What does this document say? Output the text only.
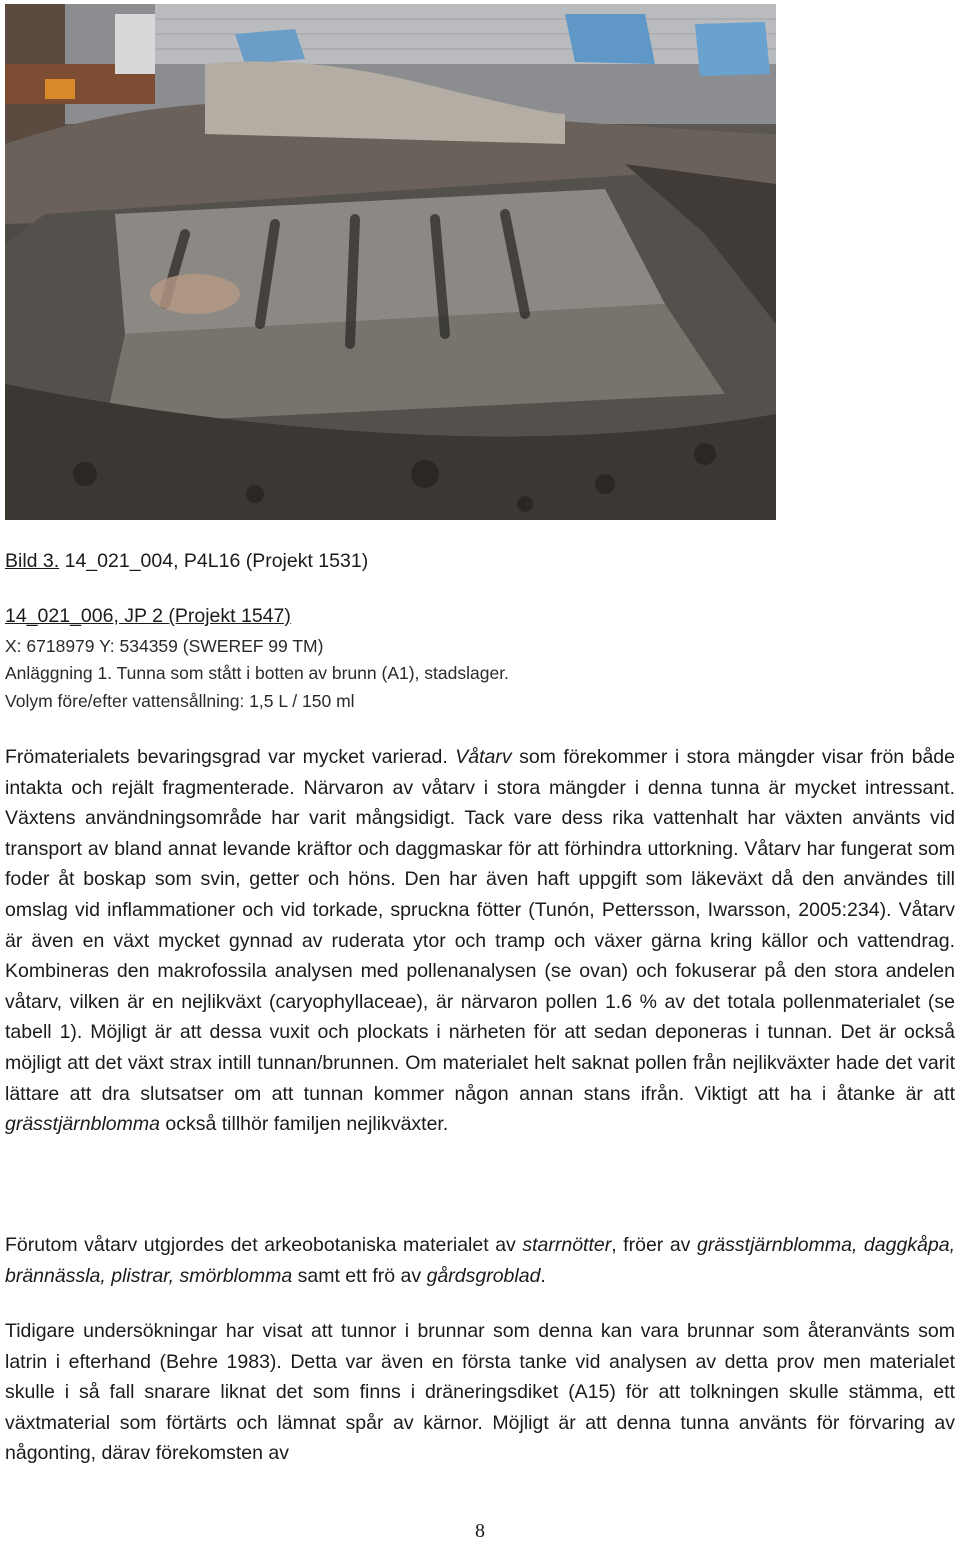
Bild 3. 14_021_004, P4L16 (Projekt 1531)
14_021_006, JP 2 (Projekt 1547)
X: 6718979 Y: 534359 (SWEREF 99 TM)
Anläggning 1. Tunna som stått i botten av brunn (A1), stadslager.
Volym före/efter vattensållning: 1,5 L / 150 ml

Frömaterialets bevaringsgrad var mycket varierad. Våtarv som förekommer i stora mängder visar frön både intakta och rejält fragmenterade. Närvaron av våtarv i stora mängder i denna tunna är mycket intressant. Växtens användningsområde har varit mångsidigt. Tack vare dess rika vattenhalt har växten använts vid transport av bland annat levande kräftor och daggmaskar för att förhindra uttorkning. Våtarv har fungerat som foder åt boskap som svin, getter och höns. Den har även haft uppgift som läkeväxt då den användes till omslag vid inflammationer och vid torkade, spruckna fötter (Tunón, Pettersson, Iwarsson, 2005:234). Våtarv är även en växt mycket gynnad av ruderata ytor och tramp och växer gärna kring källor och vattendrag. Kombineras den makrofossila analysen med pollenanalysen (se ovan) och fokuserar på den stora andelen våtarv, vilken är en nejlikväxt (caryophyllaceae), är närvaron pollen 1.6 % av det totala pollenmaterialet (se tabell 1). Möjligt är att dessa vuxit och plockats i närheten för att sedan deponeras i tunnan. Det är också möjligt att det växt strax intill tunnan/brunnen. Om materialet helt saknat pollen från nejlikväxter hade det varit lättare att dra slutsatser om att tunnan kommer någon annan stans ifrån. Viktigt att ha i åtanke är att grässtjärnblomma också tillhör familjen nejlikväxter.

Förutom våtarv utgjordes det arkeobotaniska materialet av starrnötter, fröer av grässtjärnblomma, daggkåpa, brännässla, plistrar, smörblomma samt ett frö av gårdsgroblad.

Tidigare undersökningar har visat att tunnor i brunnar som denna kan vara brunnar som återanvänts som latrin i efterhand (Behre 1983). Detta var även en första tanke vid analysen av detta prov men materialet skulle i så fall snarare liknat det som finns i dräneringsdiket (A15) för att tolkningen skulle stämma, ett växtmaterial som förtärts och lämnat spår av kärnor. Möjligt är att denna tunna använts för förvaring av någonting, därav förekomsten av

8
